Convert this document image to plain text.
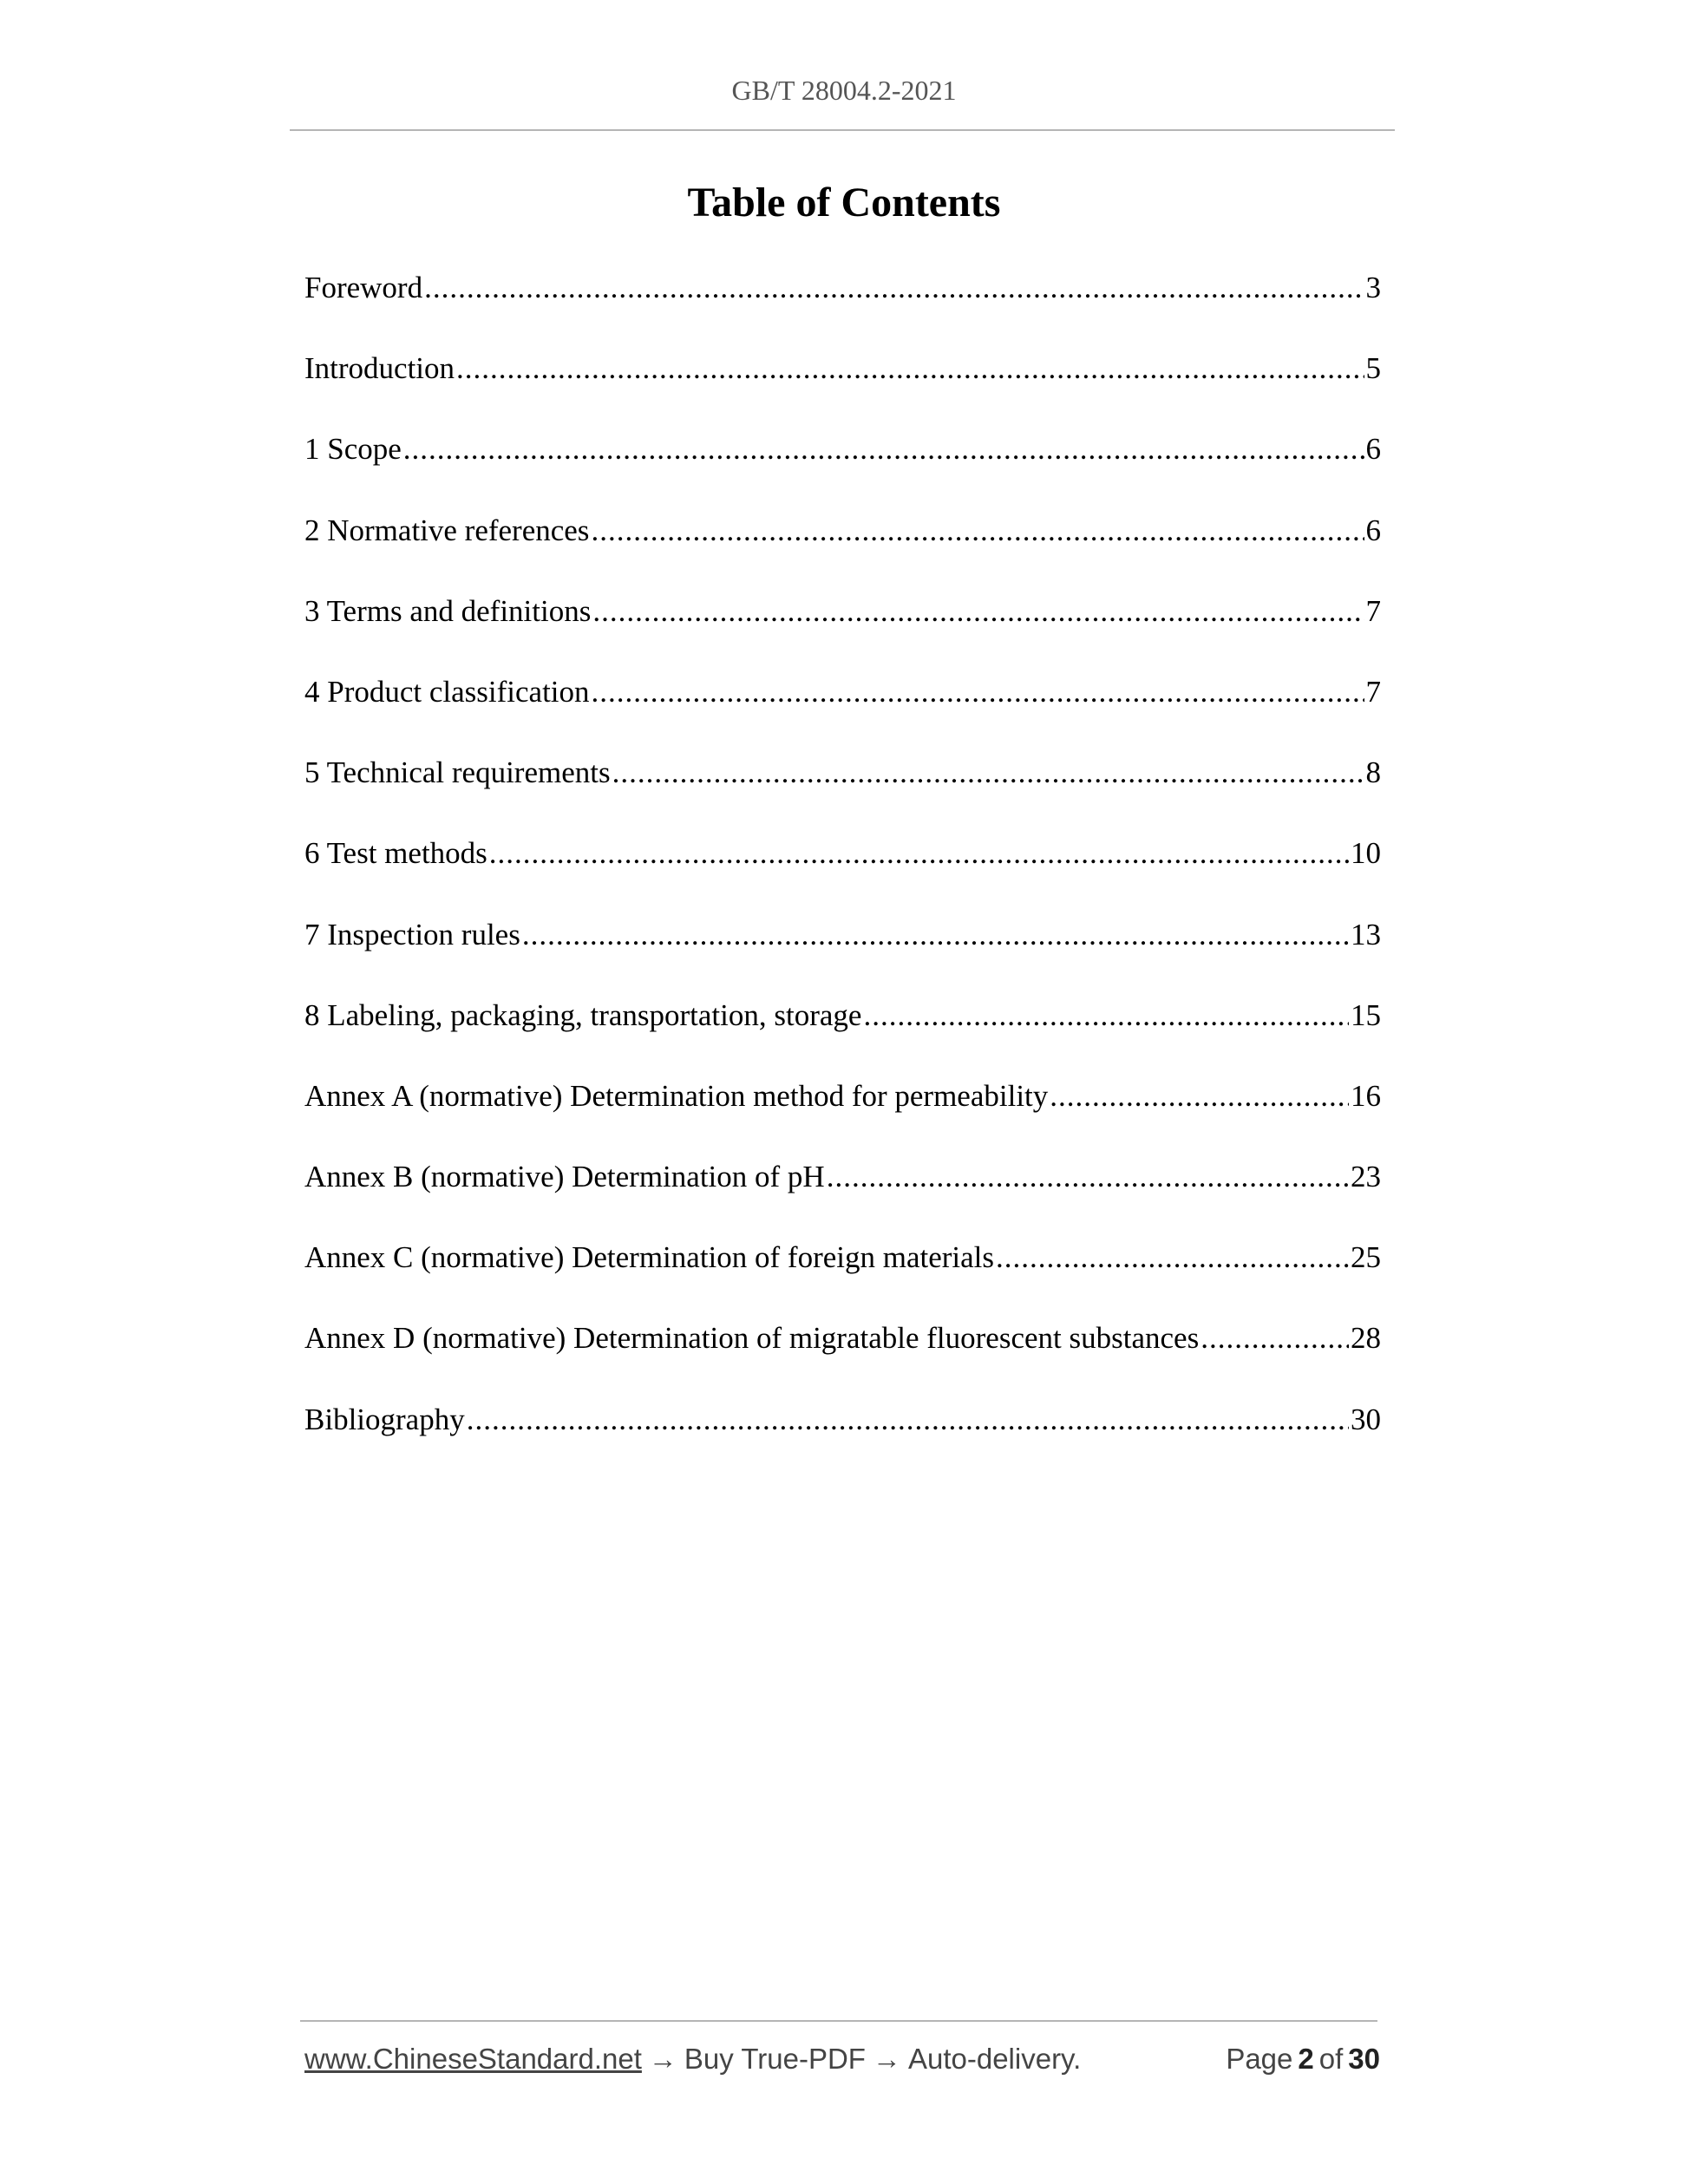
GB/T 28004.2-2021
Table of Contents
Foreword .....	3
Introduction .....	5
1 Scope .....	6
2 Normative references .....	6
3 Terms and definitions .....	7
4 Product classification .....	7
5 Technical requirements .....	8
6 Test methods .....	10
7 Inspection rules .....	13
8 Labeling, packaging, transportation, storage .....	15
Annex A (normative) Determination method for permeability .....	16
Annex B (normative) Determination of pH .....	23
Annex C (normative) Determination of foreign materials .....	25
Annex D (normative) Determination of migratable fluorescent substances .....	28
Bibliography .....	30
www.ChineseStandard.net → Buy True-PDF → Auto-delivery.	Page 2 of 30
